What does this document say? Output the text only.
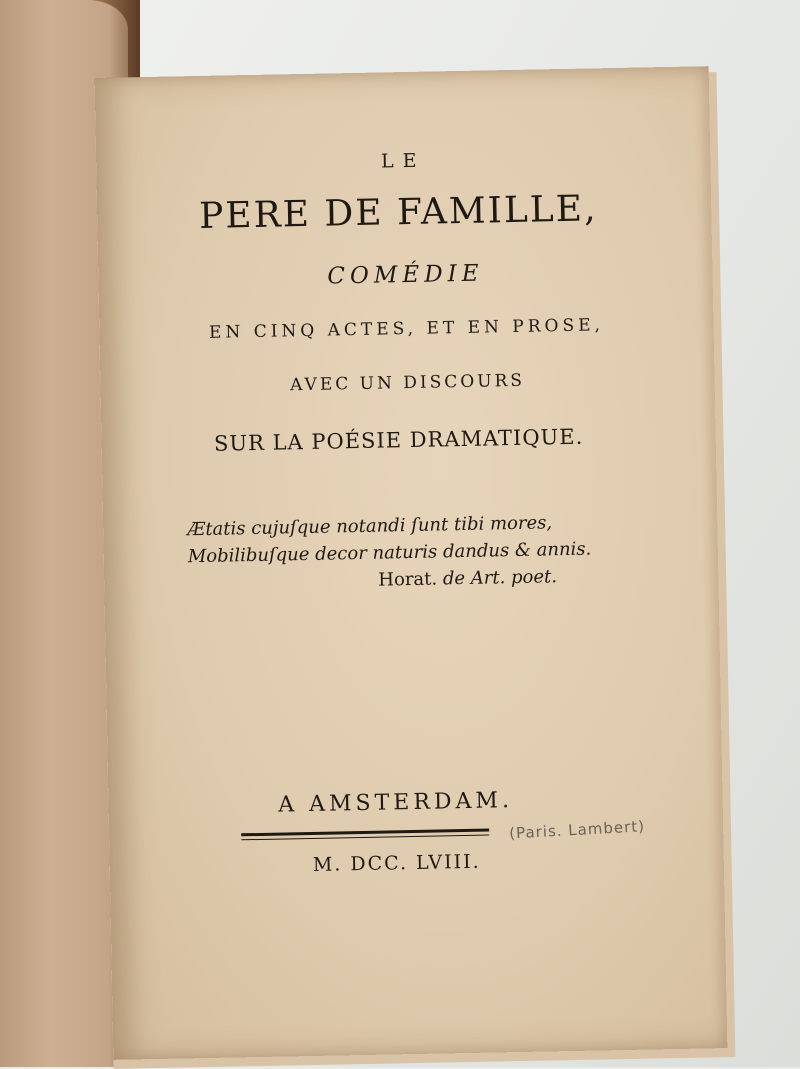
LE
PERE DE FAMILLE,
COMÉDIE
EN CINQ ACTES, ET EN PROSE,
AVEC UN DISCOURS
SUR LA POÉSIE DRAMATIQUE.
Ætatis cujuſque notandi ſunt tibi mores,
Mobilibuſque decor naturis dandus & annis.
Horat. de Art. poet.
A AMSTERDAM.
M. DCC. LVIII.
(Paris. Lambert)
